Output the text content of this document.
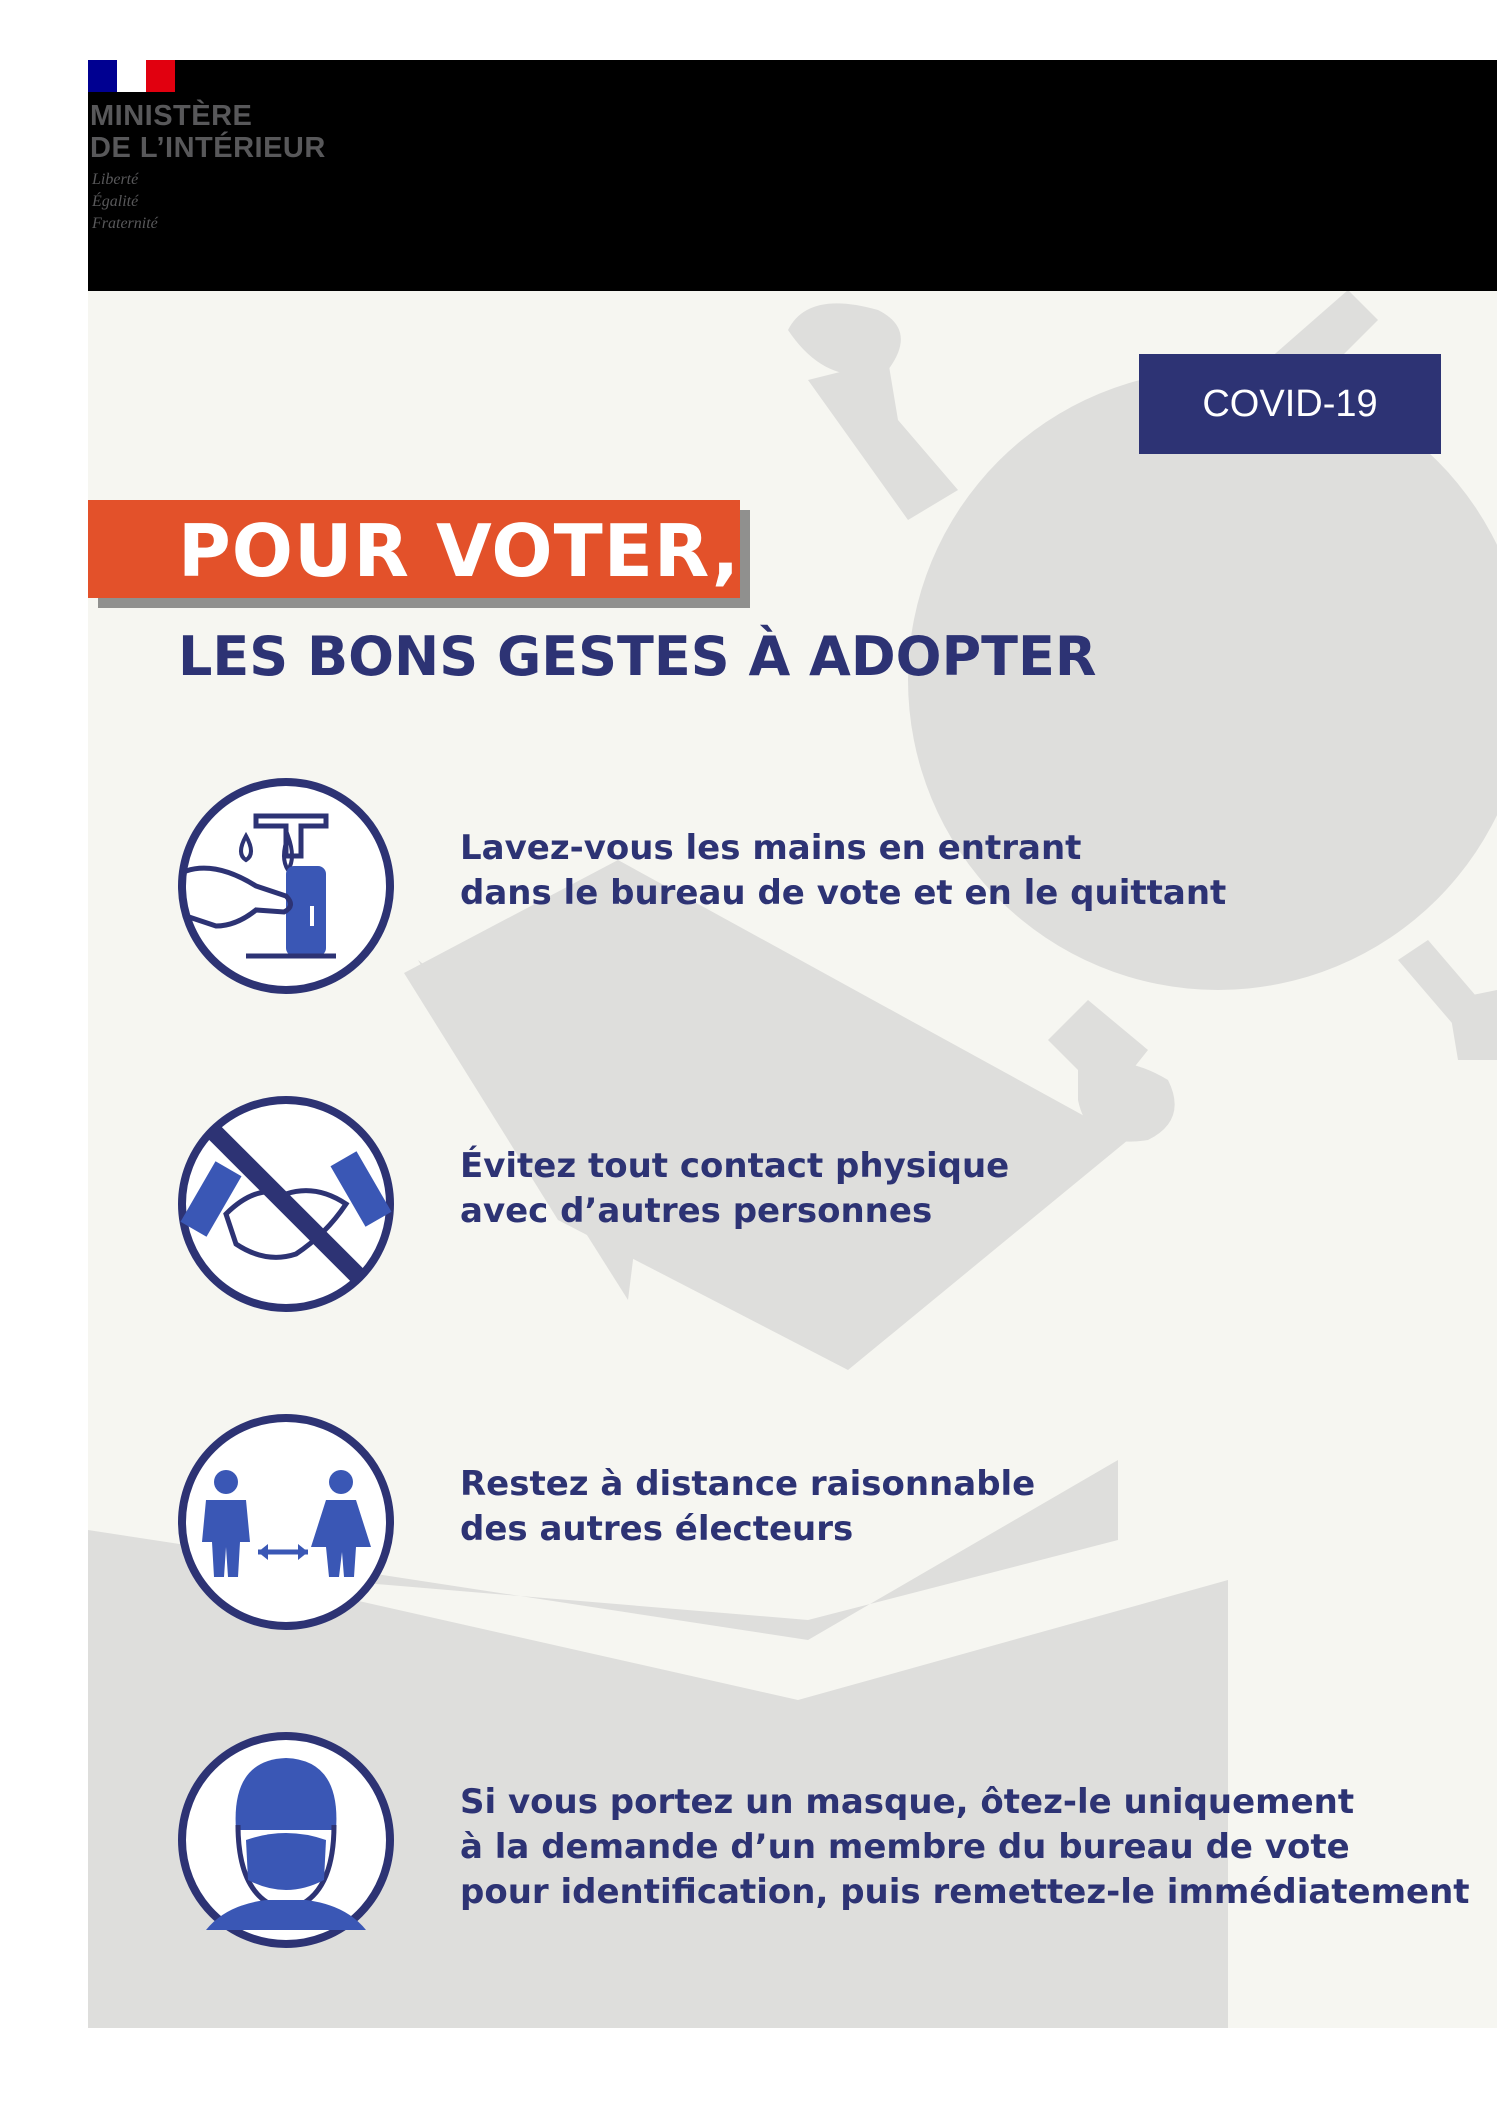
MINISTÈRE
DE L’INTÉRIEUR
Liberté
Égalité
Fraternité
COVID-19
POUR VOTER,
LES BONS GESTES À ADOPTER
Lavez-vous les mains en entrant
dans le bureau de vote et en le quittant
Évitez tout contact physique
avec d’autres personnes
Restez à distance raisonnable
des autres électeurs
Si vous portez un masque, ôtez-le uniquement
à la demande d’un membre du bureau de vote
pour identification, puis remettez-le immédiatement
